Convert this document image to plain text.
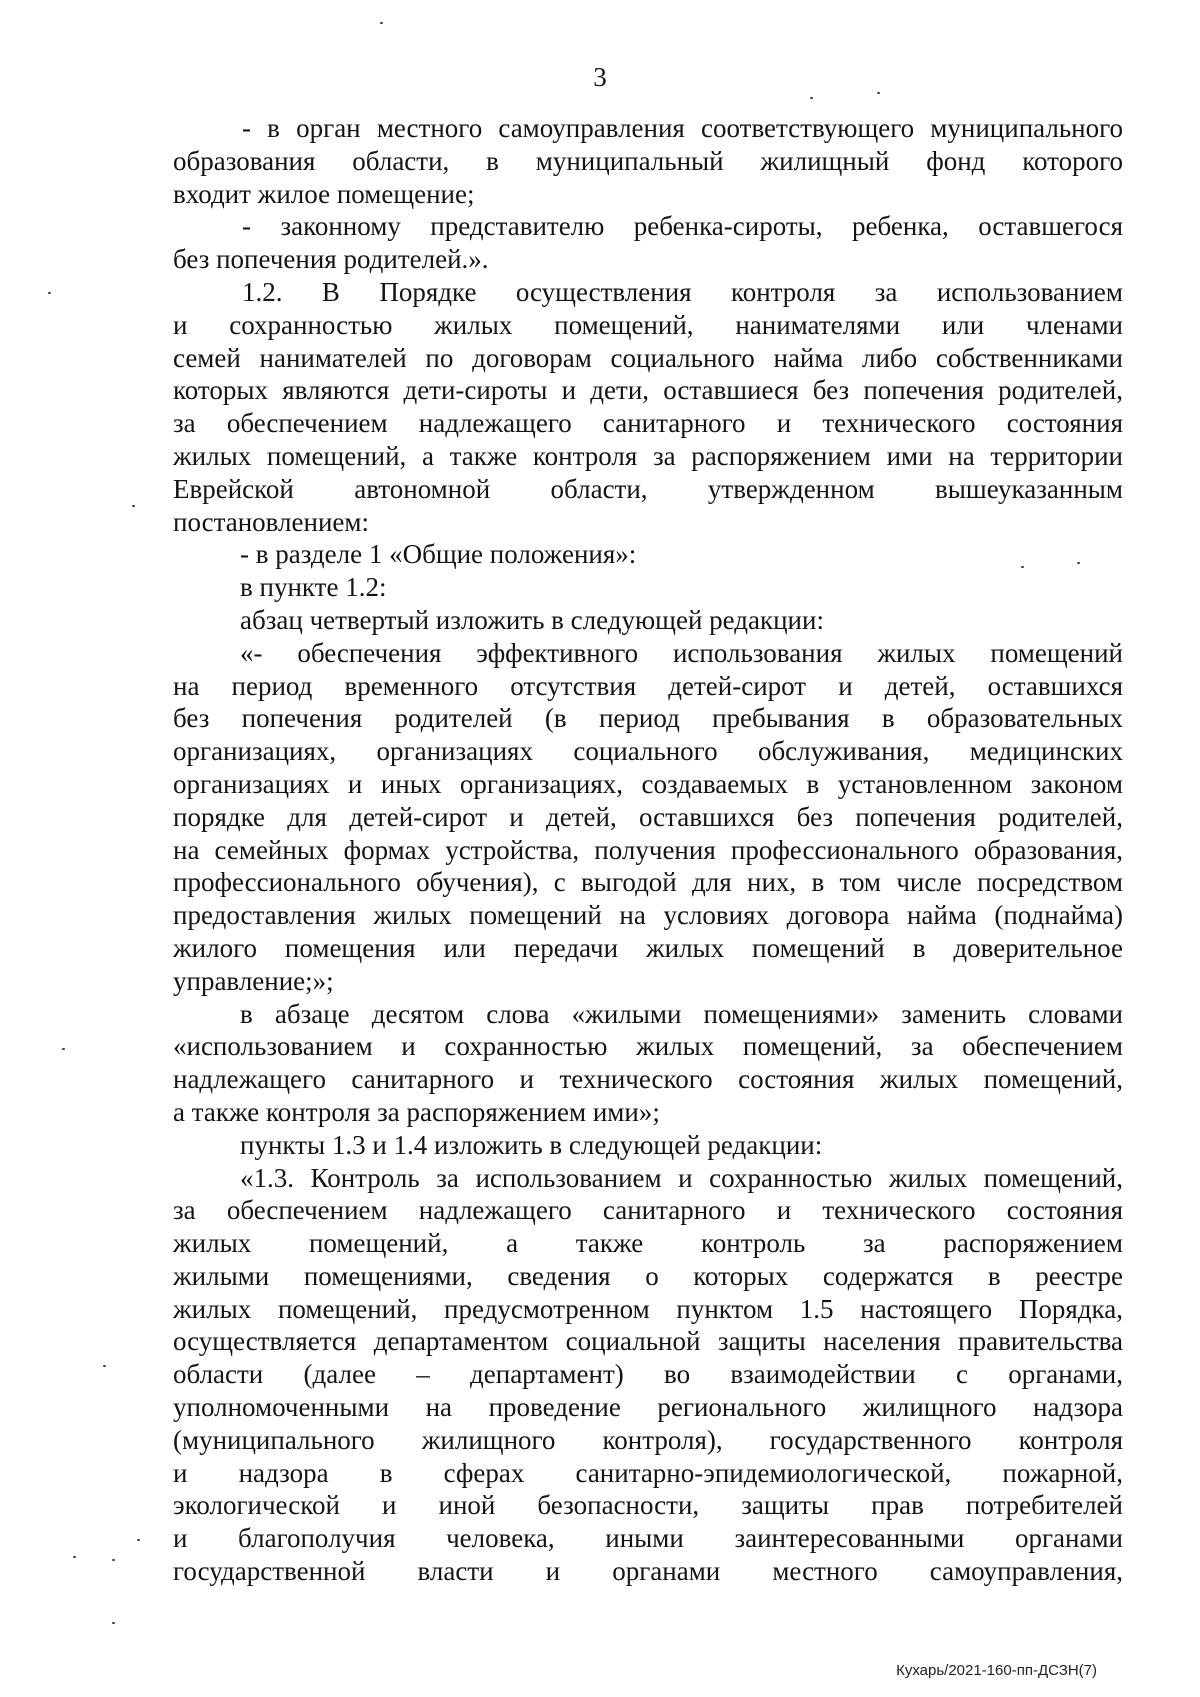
3

- в орган местного самоуправления соответствующего муниципального

образования области, в муниципальный жилищный фонд которого

входит жилое помещение;

- законному представителю ребенка-сироты, ребенка, оставшегося

без попечения родителей.».

1.2. В Порядке осуществления контроля за использованием

и сохранностью жилых помещений, нанимателями или членами

семей нанимателей по договорам социального найма либо собственниками

которых являются дети-сироты и дети, оставшиеся без попечения родителей,

за обеспечением надлежащего санитарного и технического состояния

жилых помещений, а также контроля за распоряжением ими на территории

Еврейской автономной области, утвержденном вышеуказанным

постановлением:

- в разделе 1 «Общие положения»:

в пункте 1.2:

абзац четвертый изложить в следующей редакции:

«- обеспечения эффективного использования жилых помещений

на период временного отсутствия детей-сирот и детей, оставшихся

без попечения родителей (в период пребывания в образовательных

организациях, организациях социального обслуживания, медицинских

организациях и иных организациях, создаваемых в установленном законом

порядке для детей-сирот и детей, оставшихся без попечения родителей,

на семейных формах устройства, получения профессионального образования,

профессионального обучения), с выгодой для них, в том числе посредством

предоставления жилых помещений на условиях договора найма (поднайма)

жилого помещения или передачи жилых помещений в доверительное

управление;»;

в абзаце десятом слова «жилыми помещениями» заменить словами

«использованием и сохранностью жилых помещений, за обеспечением

надлежащего санитарного и технического состояния жилых помещений,

а также контроля за распоряжением ими»;

пункты 1.3 и 1.4 изложить в следующей редакции:

«1.3. Контроль за использованием и сохранностью жилых помещений,

за обеспечением надлежащего санитарного и технического состояния

жилых помещений, а также контроль за распоряжением

жилыми помещениями, сведения о которых содержатся в реестре

жилых помещений, предусмотренном пунктом 1.5 настоящего Порядка,

осуществляется департаментом социальной защиты населения правительства

области (далее – департамент) во взаимодействии с органами,

уполномоченными на проведение регионального жилищного надзора

(муниципального жилищного контроля), государственного контроля

и надзора в сферах санитарно-эпидемиологической, пожарной,

экологической и иной безопасности, защиты прав потребителей

и благополучия человека, иными заинтересованными органами

государственной власти и органами местного самоуправления,

Кухарь/2021-160-пп-ДСЗН(7)
